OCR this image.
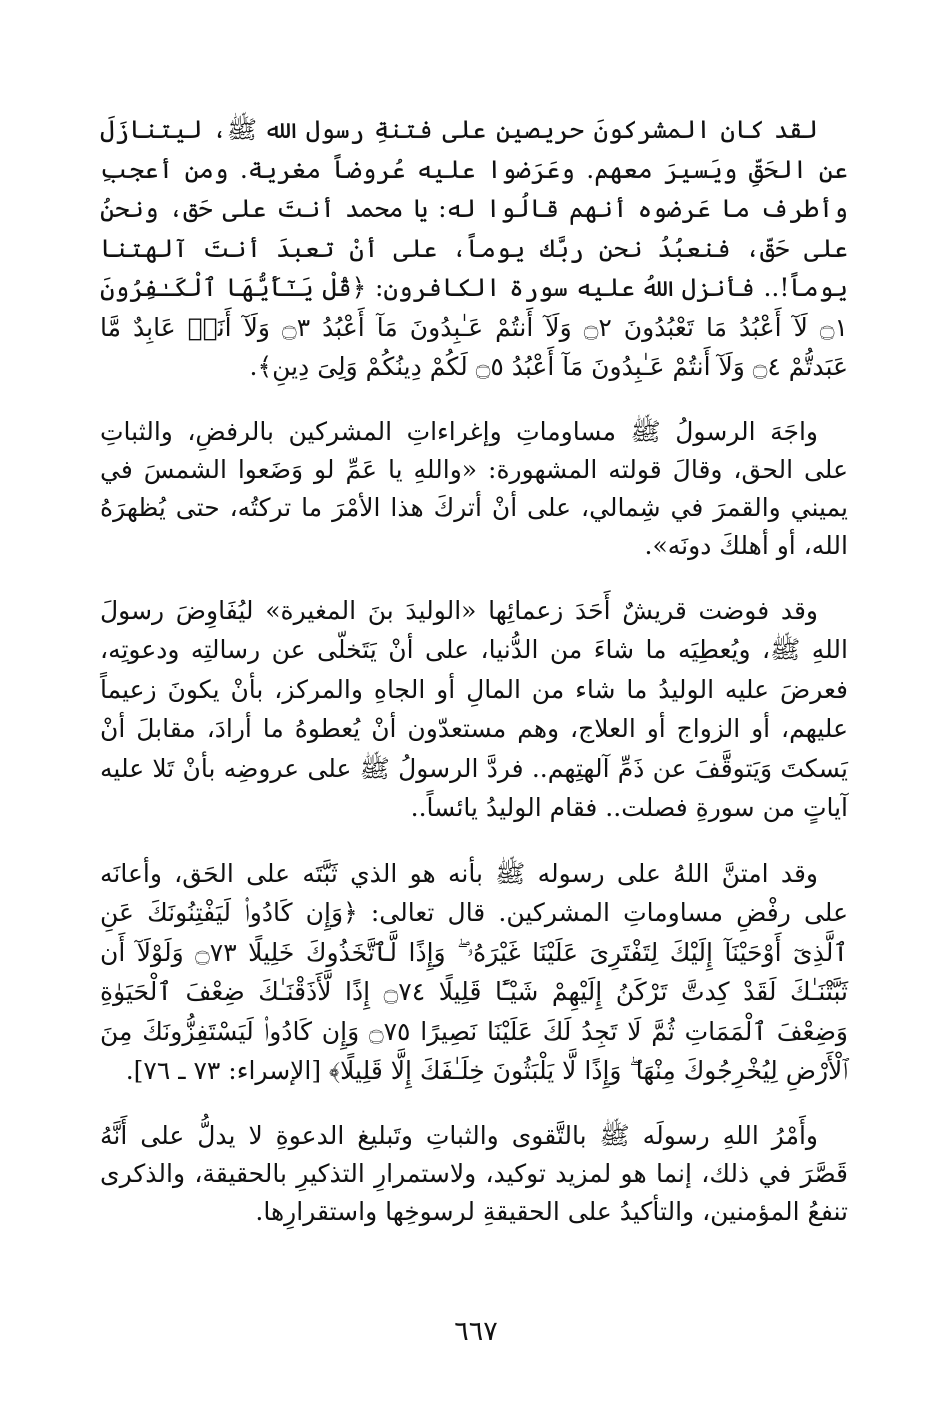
لقد كان المشركونَ حريصين على فتنةِ رسول الله ﷺ، ليتنازَلَ عن الحَقِّ ويَسيرَ معهم. وعَرَضوا عليه عُروضاً مغرية. ومن أعجبِ وأطرف ما عَرضوه أنهم قالُوا له: يا محمد أنتَ على حَق، ونحنُ على حَقّ، فنعبُدُ نحن ربَّك يوماً، على أنْ تعبدَ أنتَ آلهتنا يوماً!.. فأنزل اللهُ عليه سورة الكافرون: ﴿قُلْ يَـٰٓأَيُّهَا ٱلْكَـٰفِرُونَ ۝١ لَآ أَعْبُدُ مَا تَعْبُدُونَ ۝٢ وَلَآ أَنتُمْ عَـٰبِدُونَ مَآ أَعْبُدُ ۝٣ وَلَآ أَنَا۠ عَابِدٌ مَّا عَبَدتُّمْ ۝٤ وَلَآ أَنتُمْ عَـٰبِدُونَ مَآ أَعْبُدُ ۝٥ لَكُمْ دِينُكُمْ وَلِىَ دِينِ﴾.

واجَهَ الرسولُ ﷺ مساوماتِ وإغراءاتِ المشركين بالرفضِ، والثباتِ على الحق، وقالَ قولته المشهورة: «واللهِ يا عَمِّ لو وَضَعوا الشمسَ في يميني والقمرَ في شِمالي، على أنْ أتركَ هذا الأمْرَ ما تركتُه، حتى يُظهرَهُ الله، أو أهلكَ دونَه».

وقد فوضت قريشٌ أَحَدَ زعمائِها «الوليدَ بنَ المغيرة» ليُفَاوِضَ رسولَ اللهِ ﷺ، ويُعطِيَه ما شاءَ من الدُّنيا، على أنْ يَتَخلّى عن رسالتِه ودعوتِه، فعرضَ عليه الوليدُ ما شاء من المالِ أو الجاهِ والمركز، بأنْ يكونَ زعيماً عليهم، أو الزواج أو العلاج، وهم مستعدّون أنْ يُعطوهُ ما أرادَ، مقابلَ أنْ يَسكتَ وَيَتوقَّفَ عن ذَمِّ آلهتِهم.. فردَّ الرسولُ ﷺ على عروضِه بأنْ تَلا عليه آياتٍ من سورةِ فصلت.. فقام الوليدُ يائساً..

وقد امتنَّ اللهُ على رسوله ﷺ بأنه هو الذي ثَبَّتَه على الحَق، وأعانَه على رفْضِ مساوماتِ المشركين. قال تعالى: ﴿وَإِن كَادُوا۟ لَيَفْتِنُونَكَ عَنِ ٱلَّذِىٓ أَوْحَيْنَآ إِلَيْكَ لِتَفْتَرِىَ عَلَيْنَا غَيْرَهُۥ ۖ وَإِذًا لَّٱتَّخَذُوكَ خَلِيلًا ۝٧٣ وَلَوْلَآ أَن ثَبَّتْنَـٰكَ لَقَدْ كِدتَّ تَرْكَنُ إِلَيْهِمْ شَيْـًٔا قَلِيلًا ۝٧٤ إِذًا لَّأَذَقْنَـٰكَ ضِعْفَ ٱلْحَيَوٰةِ وَضِعْفَ ٱلْمَمَاتِ ثُمَّ لَا تَجِدُ لَكَ عَلَيْنَا نَصِيرًا ۝٧٥ وَإِن كَادُوا۟ لَيَسْتَفِزُّونَكَ مِنَ ٱلْأَرْضِ لِيُخْرِجُوكَ مِنْهَا ۖ وَإِذًا لَّا يَلْبَثُونَ خِلَـٰفَكَ إِلَّا قَلِيلًا﴾ [الإسراء: ٧٣ ـ ٧٦].

وأَمْرُ اللهِ رسولَه ﷺ بالتَّقوى والثباتِ وتَبليغ الدعوةِ لا يدلُّ على أَنَّهُ قَصَّرَ في ذلك، إنما هو لمزيد توكيد، ولاستمرارِ التذكيرِ بالحقيقة، والذكرى تنفعُ المؤمنين، والتأكيدُ على الحقيقةِ لرسوخِها واستقرارِها.

٦٦٧
